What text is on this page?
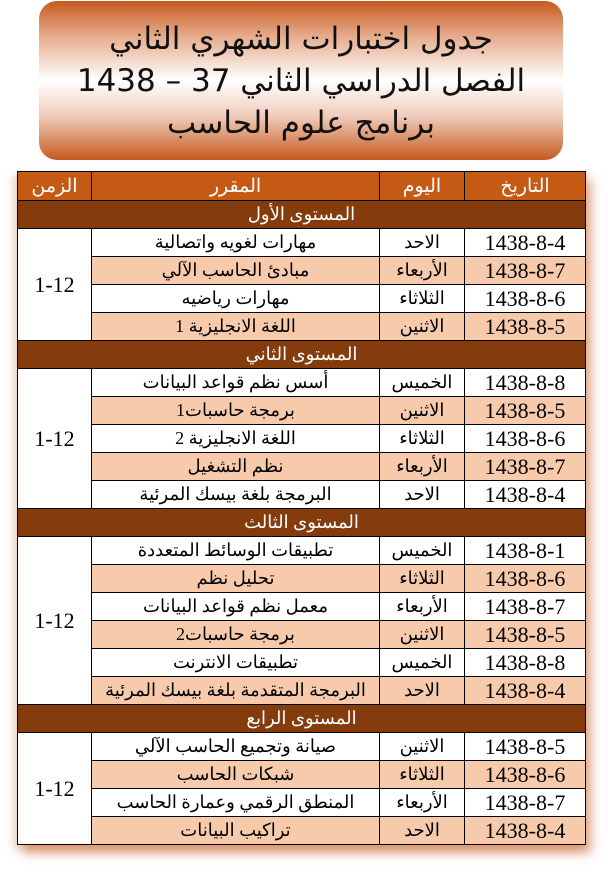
جدول اختبارات الشهري الثاني
الفصل الدراسي الثاني 37 – 1438
برنامج علوم الحاسب
التاريخ	اليوم	المقرر	الزمن
المستوى الأول			
1438-8-4	الاحد	مهارات لغويه واتصالية	1-12
1438-8-7	الأربعاء	مبادئ الحاسب الآلي	
1438-8-6	الثلاثاء	مهارات رياضيه	
1438-8-5	الاثنين	اللغة الانجليزية 1	
المستوى الثاني			
1438-8-8	الخميس	أسس نظم قواعد البيانات	1-12
1438-8-5	الاثنين	برمجة حاسبات1	
1438-8-6	الثلاثاء	اللغة الانجليزية 2	
1438-8-7	الأربعاء	نظم التشغيل	
1438-8-4	الاحد	البرمجة بلغة بيسك المرئية	
المستوى الثالث			
1438-8-1	الخميس	تطبيقات الوسائط المتعددة	1-12
1438-8-6	الثلاثاء	تحليل نظم	
1438-8-7	الأربعاء	معمل نظم قواعد البيانات	
1438-8-5	الاثنين	برمجة حاسبات2	
1438-8-8	الخميس	تطبيقات الانترنت	
1438-8-4	الاحد	البرمجة المتقدمة بلغة بيسك المرئية	
المستوى الرابع			
1438-8-5	الاثنين	صيانة وتجميع الحاسب الآلي	1-12
1438-8-6	الثلاثاء	شبكات الحاسب	
1438-8-7	الأربعاء	المنطق الرقمي وعمارة الحاسب	
1438-8-4	الاحد	تراكيب البيانات	
